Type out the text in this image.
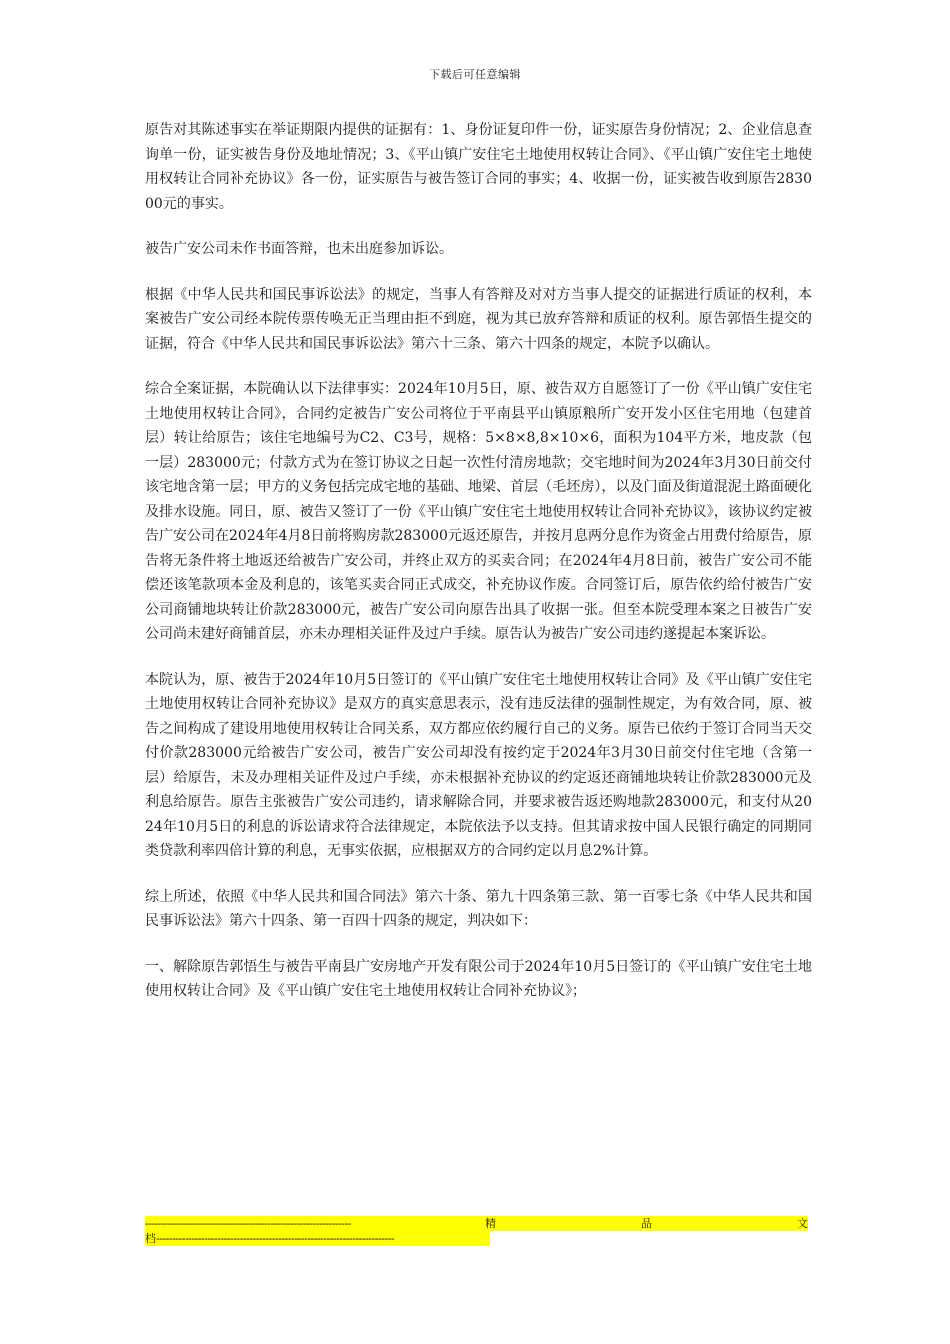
下载后可任意编辑

原告对其陈述事实在举证期限内提供的证据有：1、身份证复印件一份，证实原告身份情况；2、企业信息查询单一份，证实被告身份及地址情况；3、《平山镇广安住宅土地使用权转让合同》、《平山镇广安住宅土地使用权转让合同补充协议》各一份，证实原告与被告签订合同的事实；4、收据一份，证实被告收到原告283000元的事实。

被告广安公司未作书面答辩，也未出庭参加诉讼。

根据《中华人民共和国民事诉讼法》的规定，当事人有答辩及对对方当事人提交的证据进行质证的权利，本案被告广安公司经本院传票传唤无正当理由拒不到庭，视为其已放弃答辩和质证的权利。原告郭悟生提交的证据，符合《中华人民共和国民事诉讼法》第六十三条、第六十四条的规定，本院予以确认。

综合全案证据，本院确认以下法律事实：2024年10月5日，原、被告双方自愿签订了一份《平山镇广安住宅土地使用权转让合同》，合同约定被告广安公司将位于平南县平山镇原粮所广安开发小区住宅用地（包建首层）转让给原告；该住宅地编号为C2、C3号，规格：5×8×8,8×10×6，面积为104平方米，地皮款（包一层）283000元；付款方式为在签订协议之日起一次性付清房地款；交宅地时间为2024年3月30日前交付该宅地含第一层；甲方的义务包括完成宅地的基础、地梁、首层（毛坯房），以及门面及街道混泥土路面硬化及排水设施。同日，原、被告又签订了一份《平山镇广安住宅土地使用权转让合同补充协议》，该协议约定被告广安公司在2024年4月8日前将购房款283000元返还原告，并按月息两分息作为资金占用费付给原告，原告将无条件将土地返还给被告广安公司，并终止双方的买卖合同；在2024年4月8日前，被告广安公司不能偿还该笔款项本金及利息的，该笔买卖合同正式成交，补充协议作废。合同签订后，原告依约给付被告广安公司商铺地块转让价款283000元，被告广安公司向原告出具了收据一张。但至本院受理本案之日被告广安公司尚未建好商铺首层，亦未办理相关证件及过户手续。原告认为被告广安公司违约遂提起本案诉讼。

本院认为，原、被告于2024年10月5日签订的《平山镇广安住宅土地使用权转让合同》及《平山镇广安住宅土地使用权转让合同补充协议》是双方的真实意思表示，没有违反法律的强制性规定，为有效合同，原、被告之间构成了建设用地使用权转让合同关系，双方都应依约履行自己的义务。原告已依约于签订合同当天交付价款283000元给被告广安公司，被告广安公司却没有按约定于2024年3月30日前交付住宅地（含第一层）给原告，未及办理相关证件及过户手续，亦未根据补充协议的约定返还商铺地块转让价款283000元及利息给原告。原告主张被告广安公司违约，请求解除合同，并要求被告返还购地款283000元，和支付从2024年10月5日的利息的诉讼请求符合法律规定，本院依法予以支持。但其请求按中国人民银行确定的同期同类贷款利率四倍计算的利息，无事实依据，应根据双方的合同约定以月息2%计算。

综上所述，依照《中华人民共和国合同法》第六十条、第九十四条第三款、第一百零七条《中华人民共和国民事诉讼法》第六十四条、第一百四十四条的规定，判决如下：

一、解除原告郭悟生与被告平南县广安房地产开发有限公司于2024年10月5日签订的《平山镇广安住宅土地使用权转让合同》及《平山镇广安住宅土地使用权转让合同补充协议》；

----------------------------------------------------------------	精	品	文
档--------------------------------------------------------------------------
